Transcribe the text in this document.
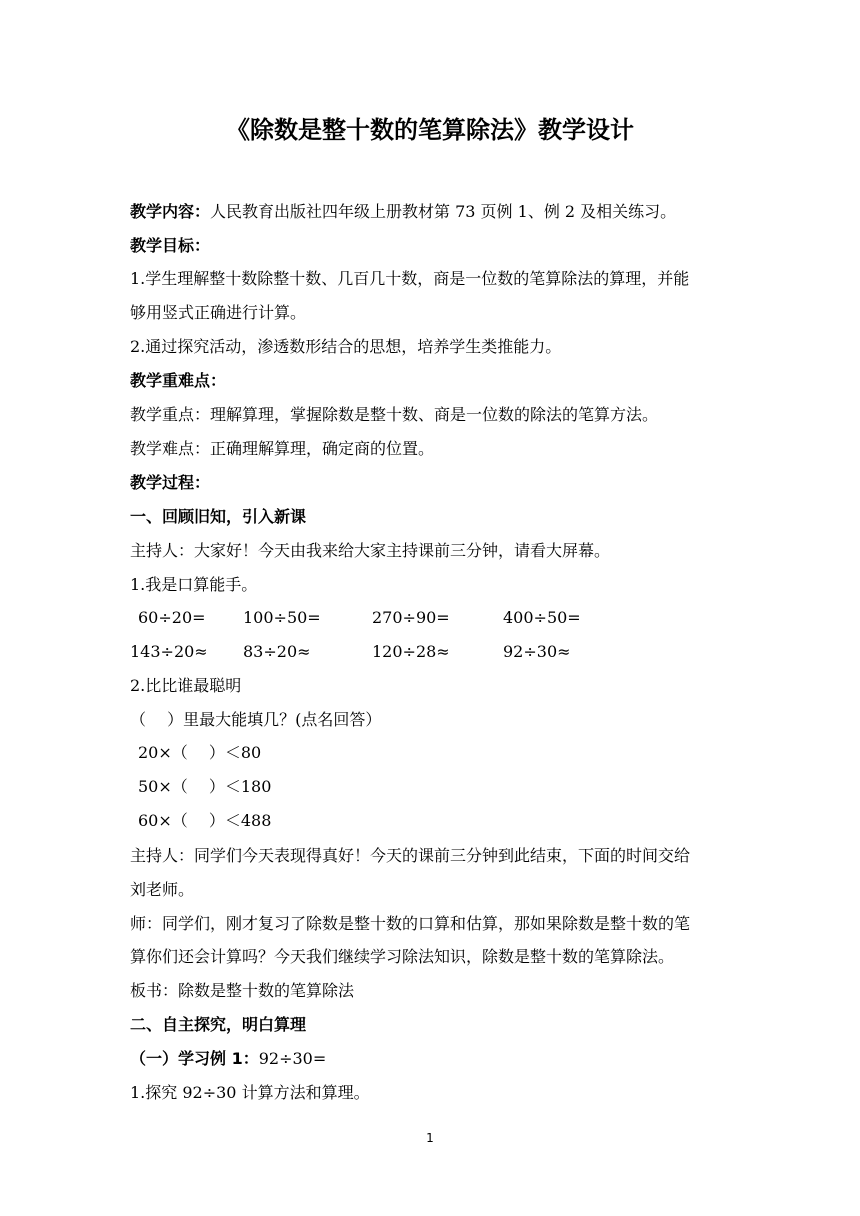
《除数是整十数的笔算除法》教学设计
教学内容：人民教育出版社四年级上册教材第 73 页例 1、例 2 及相关练习。
教学目标：
1.学生理解整十数除整十数、几百几十数，商是一位数的笔算除法的算理，并能
够用竖式正确进行计算。
2.通过探究活动，渗透数形结合的思想，培养学生类推能力。
教学重难点：
教学重点：理解算理，掌握除数是整十数、商是一位数的除法的笔算方法。
教学难点：正确理解算理，确定商的位置。
教学过程：
一、回顾旧知，引入新课
主持人：大家好！今天由我来给大家主持课前三分钟，请看大屏幕。
1.我是口算能手。
60÷20= 100÷50=	270÷90=	400÷50=
143÷20≈ 83÷20≈	120÷28≈	92÷30≈
2.比比谁最聪明
（　 ）里最大能填几？(点名回答）
20×（　 ）＜80
50×（　 ）＜180
60×（　 ）＜488
主持人：同学们今天表现得真好！今天的课前三分钟到此结束，下面的时间交给
刘老师。
师：同学们，刚才复习了除数是整十数的口算和估算，那如果除数是整十数的笔
算你们还会计算吗？今天我们继续学习除法知识，除数是整十数的笔算除法。
板书：除数是整十数的笔算除法
二、自主探究，明白算理
（一）学习例 1：92÷30=
1.探究 92÷30 计算方法和算理。
1
